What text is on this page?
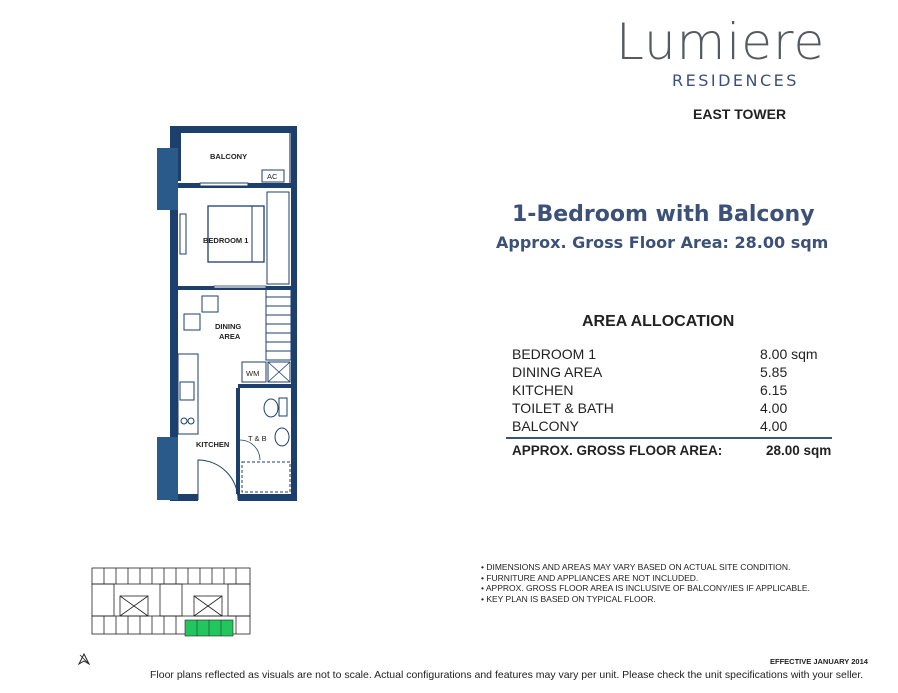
Lumiere
RESIDENCES
EAST TOWER
1-Bedroom with Balcony
Approx. Gross Floor Area: 28.00 sqm
BALCONY
AC
BEDROOM 1
DINING
AREA
WM
T & B
KITCHEN
AREA ALLOCATION
BEDROOM 1	8.00 sqm
DINING AREA	5.85
KITCHEN	6.15
TOILET & BATH	4.00
BALCONY	4.00
APPROX. GROSS FLOOR AREA:	28.00 sqm
• DIMENSIONS AND AREAS MAY VARY BASED ON ACTUAL SITE CONDITION.
• FURNITURE AND APPLIANCES ARE NOT INCLUDED.
• APPROX. GROSS FLOOR AREA IS INCLUSIVE OF BALCONY/IES IF APPLICABLE.
• KEY PLAN IS BASED ON TYPICAL FLOOR.
EFFECTIVE JANUARY 2014
Floor plans reflected as visuals are not to scale. Actual configurations and features may vary per unit. Please check the unit specifications with your seller.
